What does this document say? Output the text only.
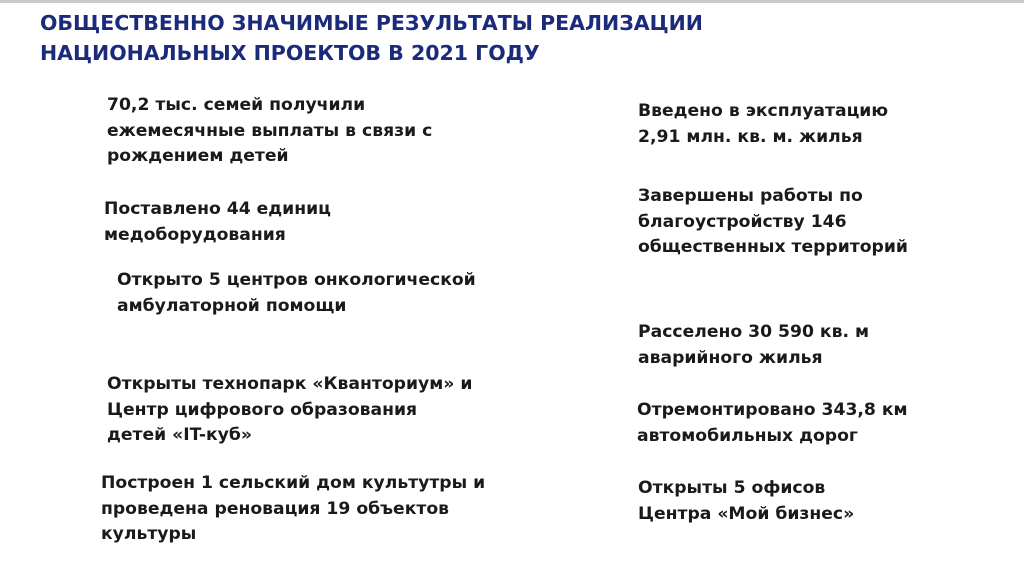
ОБЩЕСТВЕННО ЗНАЧИМЫЕ РЕЗУЛЬТАТЫ РЕАЛИЗАЦИИ
НАЦИОНАЛЬНЫХ ПРОЕКТОВ В 2021 ГОДУ

70,2 тыс. семей получили
ежемесячные выплаты в связи с
рождением детей

Поставлено 44 единиц
медоборудования

Открыто 5 центров онкологической
амбулаторной помощи

Открыты технопарк «Кванториум» и
Центр цифрового образования
детей «IT-куб»

Построен 1 сельский дом культутры и
проведена реновация 19 объектов
культуры

Введено в эксплуатацию
2,91 млн. кв. м. жилья

Завершены работы по
благоустройству 146
общественных территорий

Расселено 30 590 кв. м
аварийного жилья

Отремонтировано 343,8 км
автомобильных дорог

Открыты 5 офисов
Центра «Мой бизнес»
